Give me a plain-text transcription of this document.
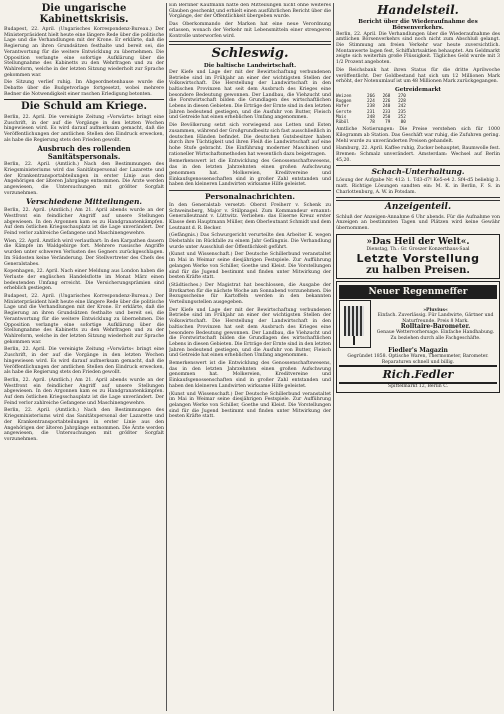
Die ungarische Kabinettskrisis.

Budapest, 22. April. (Ungarisches Korrespondenz-Bureau.) Der Ministerpräsident hielt heute eine längere Rede über die politische Lage und die Verhandlungen mit der Krone. Er erklärte, daß die Regierung an ihren Grundsätzen festhalte und bereit sei, die Verantwortung für die weitere Entwicklung zu übernehmen. Die Opposition verlangte eine sofortige Aufklärung über die Stellungnahme des Kabinetts zu den Wehrfragen und zu der Wahlreform, welche in der letzten Sitzung wiederholt zur Sprache gekommen war.

Die Sitzung verlief ruhig. Im Abgeordnetenhause wurde die Debatte über die Budgetvorlage fortgesetzt, wobei mehrere Redner die Notwendigkeit einer raschen Erledigung betonten.

Die Schuld am Kriege.

Berlin, 22. April. Die vereinigte Zeitung »Vorwärts« bringt eine Zuschrift, in der auf die Vorgänge in den letzten Wochen hingewiesen wird. Es wird darauf aufmerksam gemacht, daß die Veröffentlichungen der amtlichen Stellen den Eindruck erwecken, als habe die Regierung stets den Frieden gewollt.

Ausbruch des rollenden Sanitätspersonals.

Berlin, 22. April. (Amtlich.) Nach den Bestimmungen des Kriegsministeriums wird das Sanitätspersonal der Lazarette und der Krankentransportabteilungen in erster Linie aus den Angehörigen der älteren Jahrgänge entnommen. Die Ärzte werden angewiesen, die Untersuchungen mit größter Sorgfalt vorzunehmen.

Verschiedene Mitteilungen.

Berlin, 22. April. (Amtlich.) Am 21. April abends wurde an der Westfront ein feindlicher Angriff auf unsere Stellungen abgewiesen. In den Argonnen kam es zu Handgranatenkämpfen. Auf dem östlichen Kriegsschauplatz ist die Lage unverändert. Der Feind verlor zahlreiche Gefangene und Maschinengewehre.

Wien, 22. April. Amtlich wird verlautbart: In den Karpathen dauern die Kämpfe im Waldgebirge fort. Mehrere russische Angriffe wurden unter schweren Verlusten des Gegners zurückgeschlagen. Im Südosten keine Veränderung. Der Stellvertreter des Chefs des Generalstabes.

Kopenhagen, 22. April. Nach einer Meldung aus London haben die Verluste der englischen Handelsflotte im Monat März einen bedeutenden Umfang erreicht. Die Versicherungsprämien sind erheblich gestiegen.

Budapest, 22. April. (Ungarisches Korrespondenz-Bureau.) Der Ministerpräsident hielt heute eine längere Rede über die politische Lage und die Verhandlungen mit der Krone. Er erklärte, daß die Regierung an ihren Grundsätzen festhalte und bereit sei, die Verantwortung für die weitere Entwicklung zu übernehmen. Die Opposition verlangte eine sofortige Aufklärung über die Stellungnahme des Kabinetts zu den Wehrfragen und zu der Wahlreform, welche in der letzten Sitzung wiederholt zur Sprache gekommen war.

Berlin, 22. April. Die vereinigte Zeitung »Vorwärts« bringt eine Zuschrift, in der auf die Vorgänge in den letzten Wochen hingewiesen wird. Es wird darauf aufmerksam gemacht, daß die Veröffentlichungen der amtlichen Stellen den Eindruck erwecken, als habe die Regierung stets den Frieden gewollt.

Berlin, 22. April. (Amtlich.) Am 21. April abends wurde an der Westfront ein feindlicher Angriff auf unsere Stellungen abgewiesen. In den Argonnen kam es zu Handgranatenkämpfen. Auf dem östlichen Kriegsschauplatz ist die Lage unverändert. Der Feind verlor zahlreiche Gefangene und Maschinengewehre.

Berlin, 22. April. (Amtlich.) Nach den Bestimmungen des Kriegsministeriums wird das Sanitätspersonal der Lazarette und der Krankentransportabteilungen in erster Linie aus den Angehörigen der älteren Jahrgänge entnommen. Die Ärzte werden angewiesen, die Untersuchungen mit größter Sorgfalt vorzunehmen.

Ein Berliner Kaufmann hatte den Mitteilungen nicht ohne weiteres Glauben geschenkt und erhielt einen ausführlichen Bericht über die Vorgänge, der der Öffentlichkeit übergeben wurde.

Das Oberkommando der Marken hat eine neue Verordnung erlassen, wonach der Verkehr mit Lebensmitteln einer strengeren Kontrolle unterworfen wird.

Schleswig.
Die baltische Landwirtschaft.

Der Kiefe und Lage der mit der Bewirtschaftung verbundenen Betriebe sind im Frühjahr an einer der wichtigsten Stellen der Volkswirtschaft. Die Herstellung der Landwirtschaft in den baltischen Provinzen hat seit dem Ausbruch des Krieges eine besondere Bedeutung gewonnen. Der Landbau, die Viehzucht und die Forstwirtschaft bilden die Grundlagen des wirtschaftlichen Lebens in diesen Gebieten. Die Erträge der Ernte sind in den letzten Jahren bedeutend gestiegen, und die Ausfuhr von Butter, Fleisch und Getreide hat einen erheblichen Umfang angenommen.

Die Bevölkerung setzt sich vorwiegend aus Letten und Esten zusammen, während der Großgrundbesitz sich fast ausschließlich in deutschen Händen befindet. Die deutschen Gutsbesitzer haben durch ihre Tüchtigkeit und ihren Fleiß die Landwirtschaft auf eine hohe Stufe gebracht. Die Einführung moderner Maschinen und rationeller Wirtschaftsmethoden hat wesentlich dazu beigetragen.

Bemerkenswert ist die Entwicklung des Genossenschaftswesens, das in den letzten Jahrzehnten einen großen Aufschwung genommen hat. Molkereien, Kreditvereine und Einkaufsgenossenschaften sind in großer Zahl entstanden und haben den kleineren Landwirten wirksame Hilfe geleistet.

Personalnachrichten.

In den Generalstab versetzt: Oberst Freiherr v. Schenk zu Schweinsberg, Major v. Stülpnagel. Zum Kommandeur ernannt: Generalleutnant v. Lüttwitz. Verliehen: das Eiserne Kreuz erster Klasse dem Hauptmann Müller, dem Oberleutnant Schmidt und dem Leutnant d. R. Becker.

(Gefängnis.) Das Schwurgericht verurteilte den Arbeiter K. wegen Diebstahls im Rückfalle zu einem Jahr Gefängnis. Die Verhandlung wurde unter Ausschluß der Öffentlichkeit geführt.

(Kunst und Wissenschaft.) Der Deutsche Schillerbund veranstaltet im Mai in Weimar seine diesjährigen Festspiele. Zur Aufführung gelangen Werke von Schiller, Goethe und Kleist. Die Vorstellungen sind für die Jugend bestimmt und finden unter Mitwirkung der besten Kräfte statt.

(Städtisches.) Der Magistrat hat beschlossen, die Ausgabe der Brotkarten für die nächste Woche am Sonnabend vorzunehmen. Die Bezugsscheine für Kartoffeln werden in den bekannten Verteilungsstellen ausgegeben.

Der Kiefe und Lage der mit der Bewirtschaftung verbundenen Betriebe sind im Frühjahr an einer der wichtigsten Stellen der Volkswirtschaft. Die Herstellung der Landwirtschaft in den baltischen Provinzen hat seit dem Ausbruch des Krieges eine besondere Bedeutung gewonnen. Der Landbau, die Viehzucht und die Forstwirtschaft bilden die Grundlagen des wirtschaftlichen Lebens in diesen Gebieten. Die Erträge der Ernte sind in den letzten Jahren bedeutend gestiegen, und die Ausfuhr von Butter, Fleisch und Getreide hat einen erheblichen Umfang angenommen.

Bemerkenswert ist die Entwicklung des Genossenschaftswesens, das in den letzten Jahrzehnten einen großen Aufschwung genommen hat. Molkereien, Kreditvereine und Einkaufsgenossenschaften sind in großer Zahl entstanden und haben den kleineren Landwirten wirksame Hilfe geleistet.

(Kunst und Wissenschaft.) Der Deutsche Schillerbund veranstaltet im Mai in Weimar seine diesjährigen Festspiele. Zur Aufführung gelangen Werke von Schiller, Goethe und Kleist. Die Vorstellungen sind für die Jugend bestimmt und finden unter Mitwirkung der besten Kräfte statt.

Handelsteil.
Bericht über die Wiederaufnahme des Börsenverkehrs.

Berlin, 22. April. Die Verhandlungen über die Wiederaufnahme des amtlichen Börsenverkehrs sind noch nicht zum Abschluß gelangt. Die Stimmung am freien Verkehr war heute zuversichtlich. Montanwerte lagen fest, Schiffahrtsaktien behauptet. Am Geldmarkt zeigte sich weiterhin große Flüssigkeit. Tägliches Geld wurde mit 3 1/2 Prozent angeboten.

Die Reichsbank hat ihren Status für die dritte Aprilwoche veröffentlicht. Der Goldbestand hat sich um 12 Millionen Mark erhöht, der Notenumlauf ist um 48 Millionen Mark zurückgegangen.

Getreidemarkt
Weizen      266   268   270
Roggen      224   226   228
Hafer       238   240   242
Gerste      231   233   235
Mais        248   250   252
Rüböl        78    79    80

Amtliche Notierungen: Die Preise verstehen sich für 1000 Kilogramm ab Station. Das Geschäft war ruhig, die Zufuhren gering. Mehl wurde zu unveränderten Preisen gehandelt.

Hamburg, 22. April. Kaffee ruhig, Zucker behauptet, Baumwolle fest. Bremen: Schmalz unverändert. Amsterdam: Wechsel auf Berlin 45,20.

Schach-Unterhaltung.

Lösung der Aufgabe Nr. 412: 1. Td3-d7! Ke5-e4 2. Sf4-d5 beliebig 3. matt. Richtige Lösungen sandten ein: M. K. in Berlin, F. S. in Charlottenburg, A. W. in Potsdam.

Anzeigenteil.

Schluß der Anzeigen-Annahme 6 Uhr abends. Für die Aufnahme von Anzeigen an bestimmten Tagen und Plätzen wird keine Gewähr übernommen.

»Das Heil der Welt«.
Dienstag, Th.: Gr. Groszer Konzerthaus-Saal
Letzte Vorstellung
zu halben Preisen.
Neuer Regenmeffer
»Pluvius«
Einfach. Zuverlässig. Für Landwirte, Gärtner und Naturfreunde. Preis 8 Mark.
Rolltaire-Barometer.
Genaue Wettervorhersage. Einfache Handhabung. Zu beziehen durch alle Fachgeschäfte.
Fiedler's Magazin
Gegründet 1858. Optische Waren, Thermometer, Barometer. Reparaturen schnell und billig.
Rich.Fedler
Spittelmarkt 12, Berlin C.
